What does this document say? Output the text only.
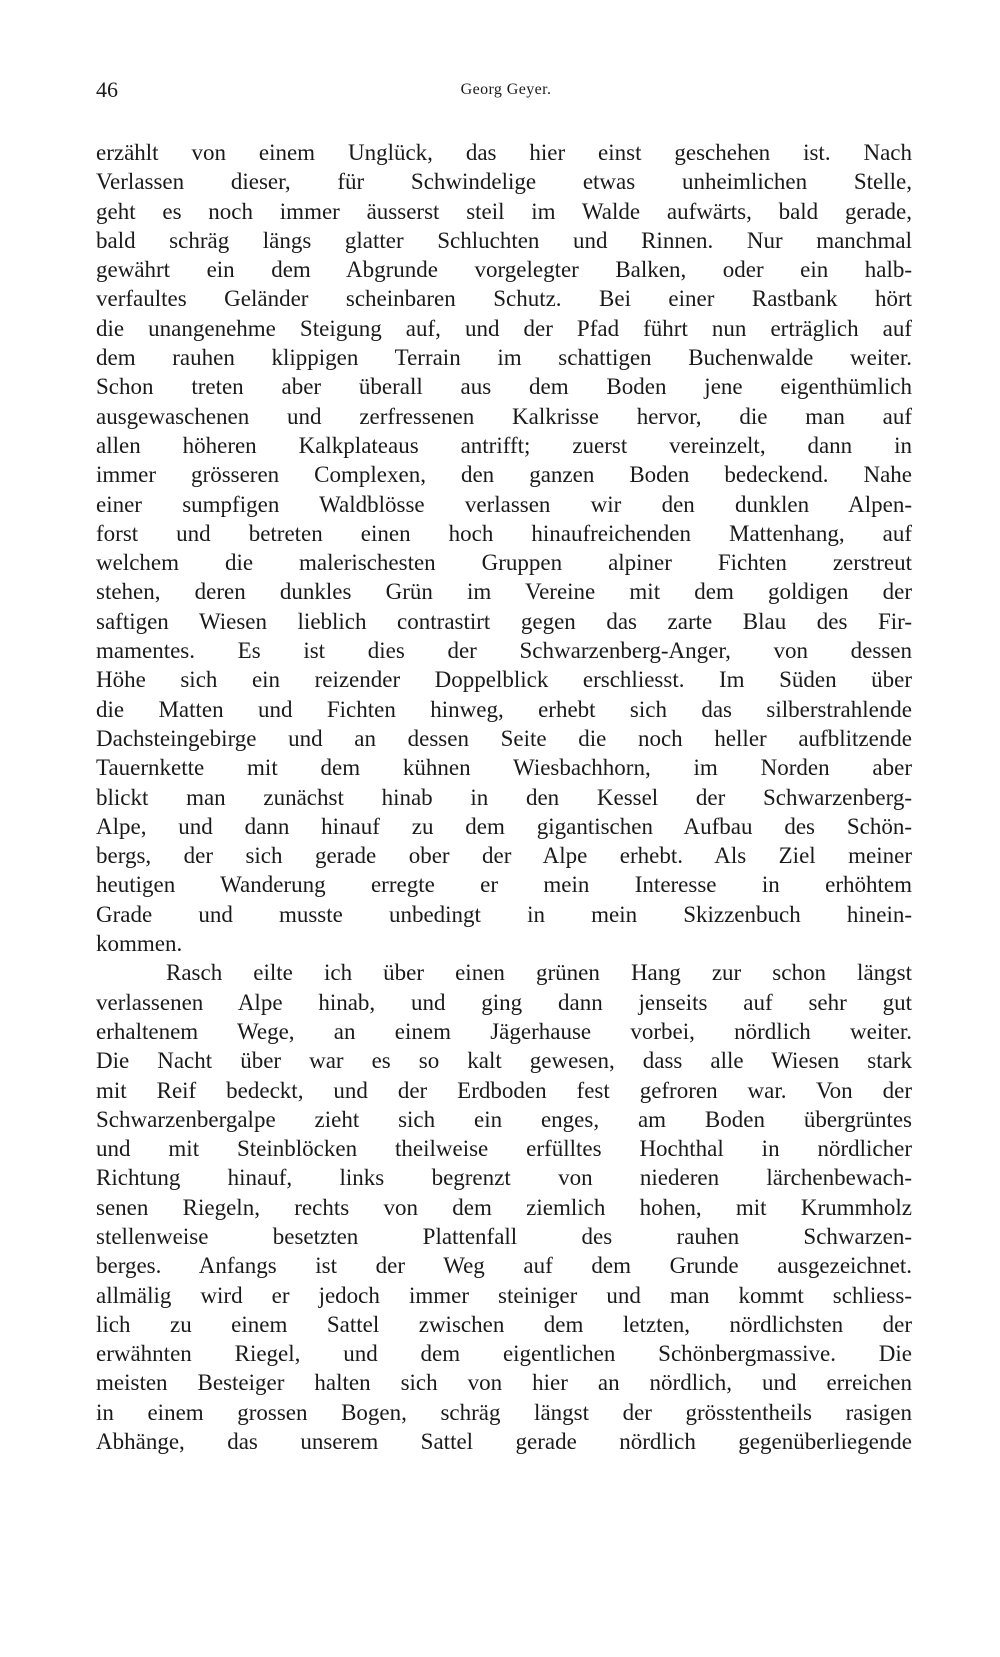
46	Georg Geyer.
erzählt von einem Unglück, das hier einst geschehen ist. Nach
Verlassen dieser, für Schwindelige etwas unheimlichen Stelle,
geht es noch immer äusserst steil im Walde aufwärts, bald gerade,
bald schräg längs glatter Schluchten und Rinnen. Nur manchmal
gewährt ein dem Abgrunde vorgelegter Balken, oder ein halb-
verfaultes Geländer scheinbaren Schutz. Bei einer Rastbank hört
die unangenehme Steigung auf, und der Pfad führt nun erträglich auf
dem rauhen klippigen Terrain im schattigen Buchenwalde weiter.
Schon treten aber überall aus dem Boden jene eigenthümlich
ausgewaschenen und zerfressenen Kalkrisse hervor, die man auf
allen höheren Kalkplateaus antrifft; zuerst vereinzelt, dann in
immer grösseren Complexen, den ganzen Boden bedeckend. Nahe
einer sumpfigen Waldblösse verlassen wir den dunklen Alpen-
forst und betreten einen hoch hinaufreichenden Mattenhang, auf
welchem die malerischesten Gruppen alpiner Fichten zerstreut
stehen, deren dunkles Grün im Vereine mit dem goldigen der
saftigen Wiesen lieblich contrastirt gegen das zarte Blau des Fir-
mamentes. Es ist dies der Schwarzenberg-Anger, von dessen
Höhe sich ein reizender Doppelblick erschliesst. Im Süden über
die Matten und Fichten hinweg, erhebt sich das silberstrahlende
Dachsteingebirge und an dessen Seite die noch heller aufblitzende
Tauernkette mit dem kühnen Wiesbachhorn, im Norden aber
blickt man zunächst hinab in den Kessel der Schwarzenberg-
Alpe, und dann hinauf zu dem gigantischen Aufbau des Schön-
bergs, der sich gerade ober der Alpe erhebt. Als Ziel meiner
heutigen Wanderung erregte er mein Interesse in erhöhtem
Grade und musste unbedingt in mein Skizzenbuch hinein-
kommen.
Rasch eilte ich über einen grünen Hang zur schon längst
verlassenen Alpe hinab, und ging dann jenseits auf sehr gut
erhaltenem Wege, an einem Jägerhause vorbei, nördlich weiter.
Die Nacht über war es so kalt gewesen, dass alle Wiesen stark
mit Reif bedeckt, und der Erdboden fest gefroren war. Von der
Schwarzenbergalpe zieht sich ein enges, am Boden übergrüntes
und mit Steinblöcken theilweise erfülltes Hochthal in nördlicher
Richtung hinauf, links begrenzt von niederen lärchenbewach-
senen Riegeln, rechts von dem ziemlich hohen, mit Krummholz
stellenweise besetzten Plattenfall des rauhen Schwarzen-
berges. Anfangs ist der Weg auf dem Grunde ausgezeichnet.
allmälig wird er jedoch immer steiniger und man kommt schliess-
lich zu einem Sattel zwischen dem letzten, nördlichsten der
erwähnten Riegel, und dem eigentlichen Schönbergmassive. Die
meisten Besteiger halten sich von hier an nördlich, und erreichen
in einem grossen Bogen, schräg längst der grösstentheils rasigen
Abhänge, das unserem Sattel gerade nördlich gegenüberliegende
